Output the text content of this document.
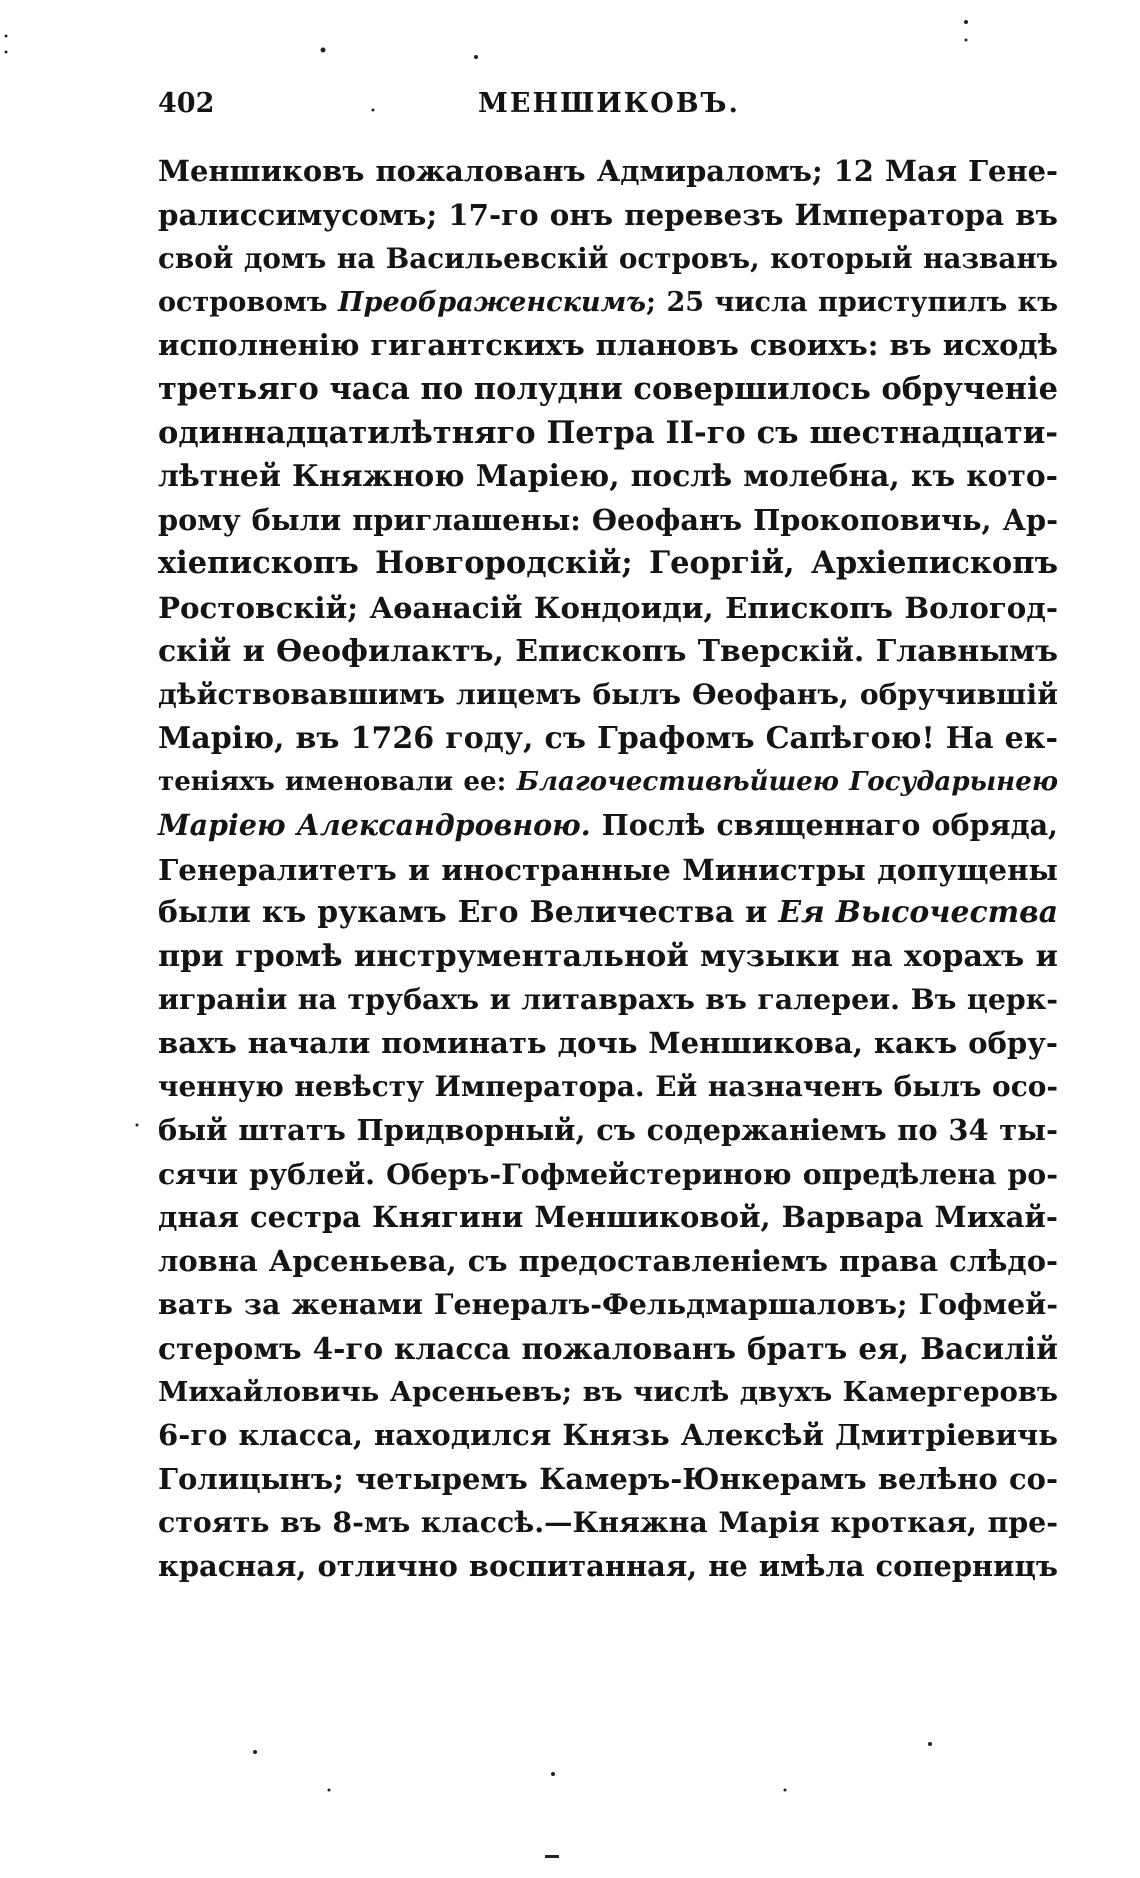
402	МЕНШИКОВЪ.
Меншиковъ пожалованъ Адмираломъ; 12 Мая Гене-
ралиссимусомъ; 17-го онъ перевезъ Императора въ
свой домъ на Васильевскій островъ, который названъ
островомъ Преображенскимъ; 25 числа приступилъ къ
исполненію гигантскихъ плановъ своихъ: въ исходѣ
третьяго часа по полудни совершилось обрученіе
одиннадцатилѣтняго Петра II-го съ шестнадцати-
лѣтней Княжною Маріею, послѣ молебна, къ кото-
рому были приглашены: Ѳеофанъ Прокоповичь, Ар-
хіепископъ Новгородскій; Георгій, Архіепископъ
Ростовскій; Аѳанасій Кондоиди, Епископъ Вологод-
скій и Ѳеофилактъ, Епископъ Тверскій. Главнымъ
дѣйствовавшимъ лицемъ былъ Ѳеофанъ, обручившій
Марію, въ 1726 году, съ Графомъ Сапѣгою! На ек-
теніяхъ именовали ее: Благочестивѣйшею Государынею
Маріею Александровною. Послѣ священнаго обряда,
Генералитетъ и иностранные Министры допущены
были къ рукамъ Его Величества и Ея Высочества
при громѣ инструментальной музыки на хорахъ и
играніи на трубахъ и литаврахъ въ галереи. Въ церк-
вахъ начали поминать дочь Меншикова, какъ обру-
ченную невѣсту Императора. Ей назначенъ былъ осо-
бый штатъ Придворный, съ содержаніемъ по 34 ты-
сячи рублей. Оберъ-Гофмейстериною опредѣлена ро-
дная сестра Княгини Меншиковой, Варвара Михай-
ловна Арсеньева, съ предоставленіемъ права слѣдо-
вать за женами Генералъ-Фельдмаршаловъ; Гофмей-
стеромъ 4-го класса пожалованъ братъ ея, Василій
Михайловичь Арсеньевъ; въ числѣ двухъ Камергеровъ
6-го класса, находился Князь Алексѣй Дмитріевичь
Голицынъ; четыремъ Камеръ-Юнкерамъ велѣно со-
стоять въ 8-мъ классѣ.—Княжна Марія кроткая, пре-
красная, отлично воспитанная, не имѣла соперницъ
